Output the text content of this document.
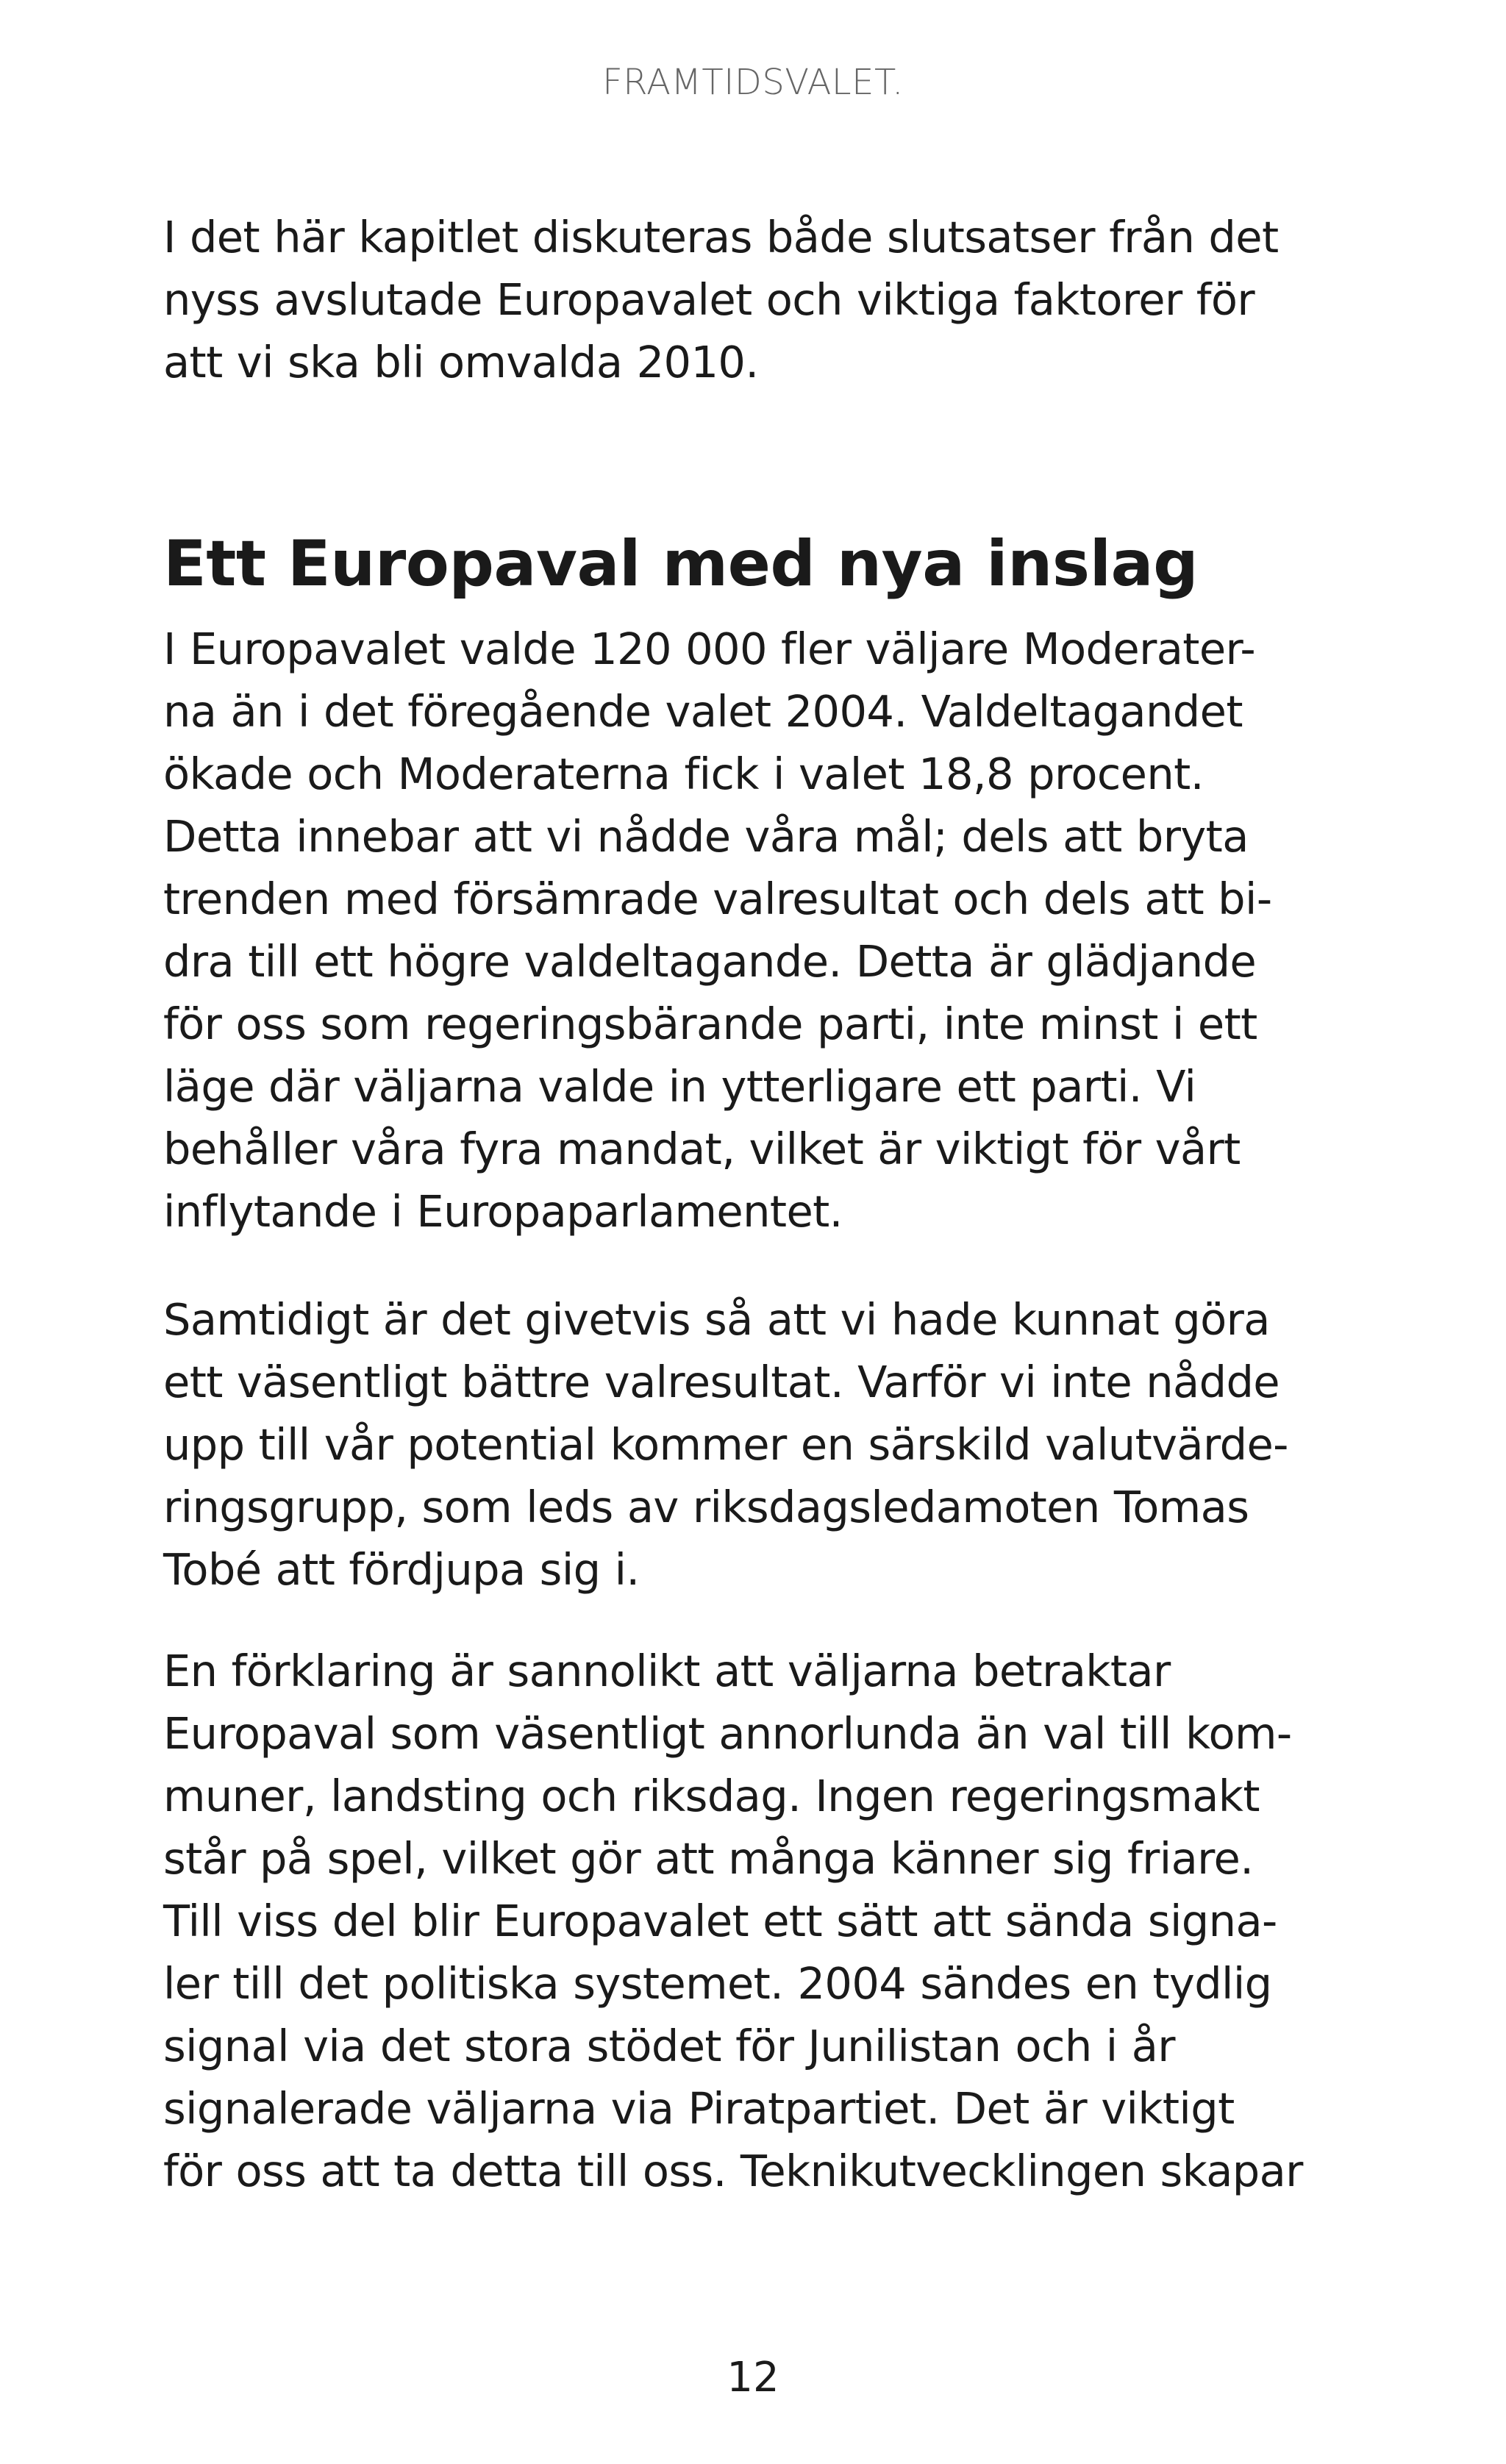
FRAMTIDSVALET.
I det här kapitlet diskuteras både slutsatser från det
nyss avslutade Europavalet och viktiga faktorer för
att vi ska bli omvalda 2010.
Ett Europaval med nya inslag
I Europavalet valde 120 000 fler väljare Moderater-
na än i det föregående valet 2004. Valdeltagandet
ökade och Moderaterna fick i valet 18,8 procent.
Detta innebar att vi nådde våra mål; dels att bryta
trenden med försämrade valresultat och dels att bi-
dra till ett högre valdeltagande. Detta är glädjande
för oss som regeringsbärande parti, inte minst i ett
läge där väljarna valde in ytterligare ett parti. Vi
behåller våra fyra mandat, vilket är viktigt för vårt
inflytande i Europaparlamentet.
Samtidigt är det givetvis så att vi hade kunnat göra
ett väsentligt bättre valresultat. Varför vi inte nådde
upp till vår potential kommer en särskild valutvärde-
ringsgrupp, som leds av riksdagsledamoten Tomas
Tobé att fördjupa sig i.
En förklaring är sannolikt att väljarna betraktar
Europaval som väsentligt annorlunda än val till kom-
muner, landsting och riksdag. Ingen regeringsmakt
står på spel, vilket gör att många känner sig friare.
Till viss del blir Europavalet ett sätt att sända signa-
ler till det politiska systemet. 2004 sändes en tydlig
signal via det stora stödet för Junilistan och i år
signalerade väljarna via Piratpartiet. Det är viktigt
för oss att ta detta till oss. Teknikutvecklingen skapar
12
